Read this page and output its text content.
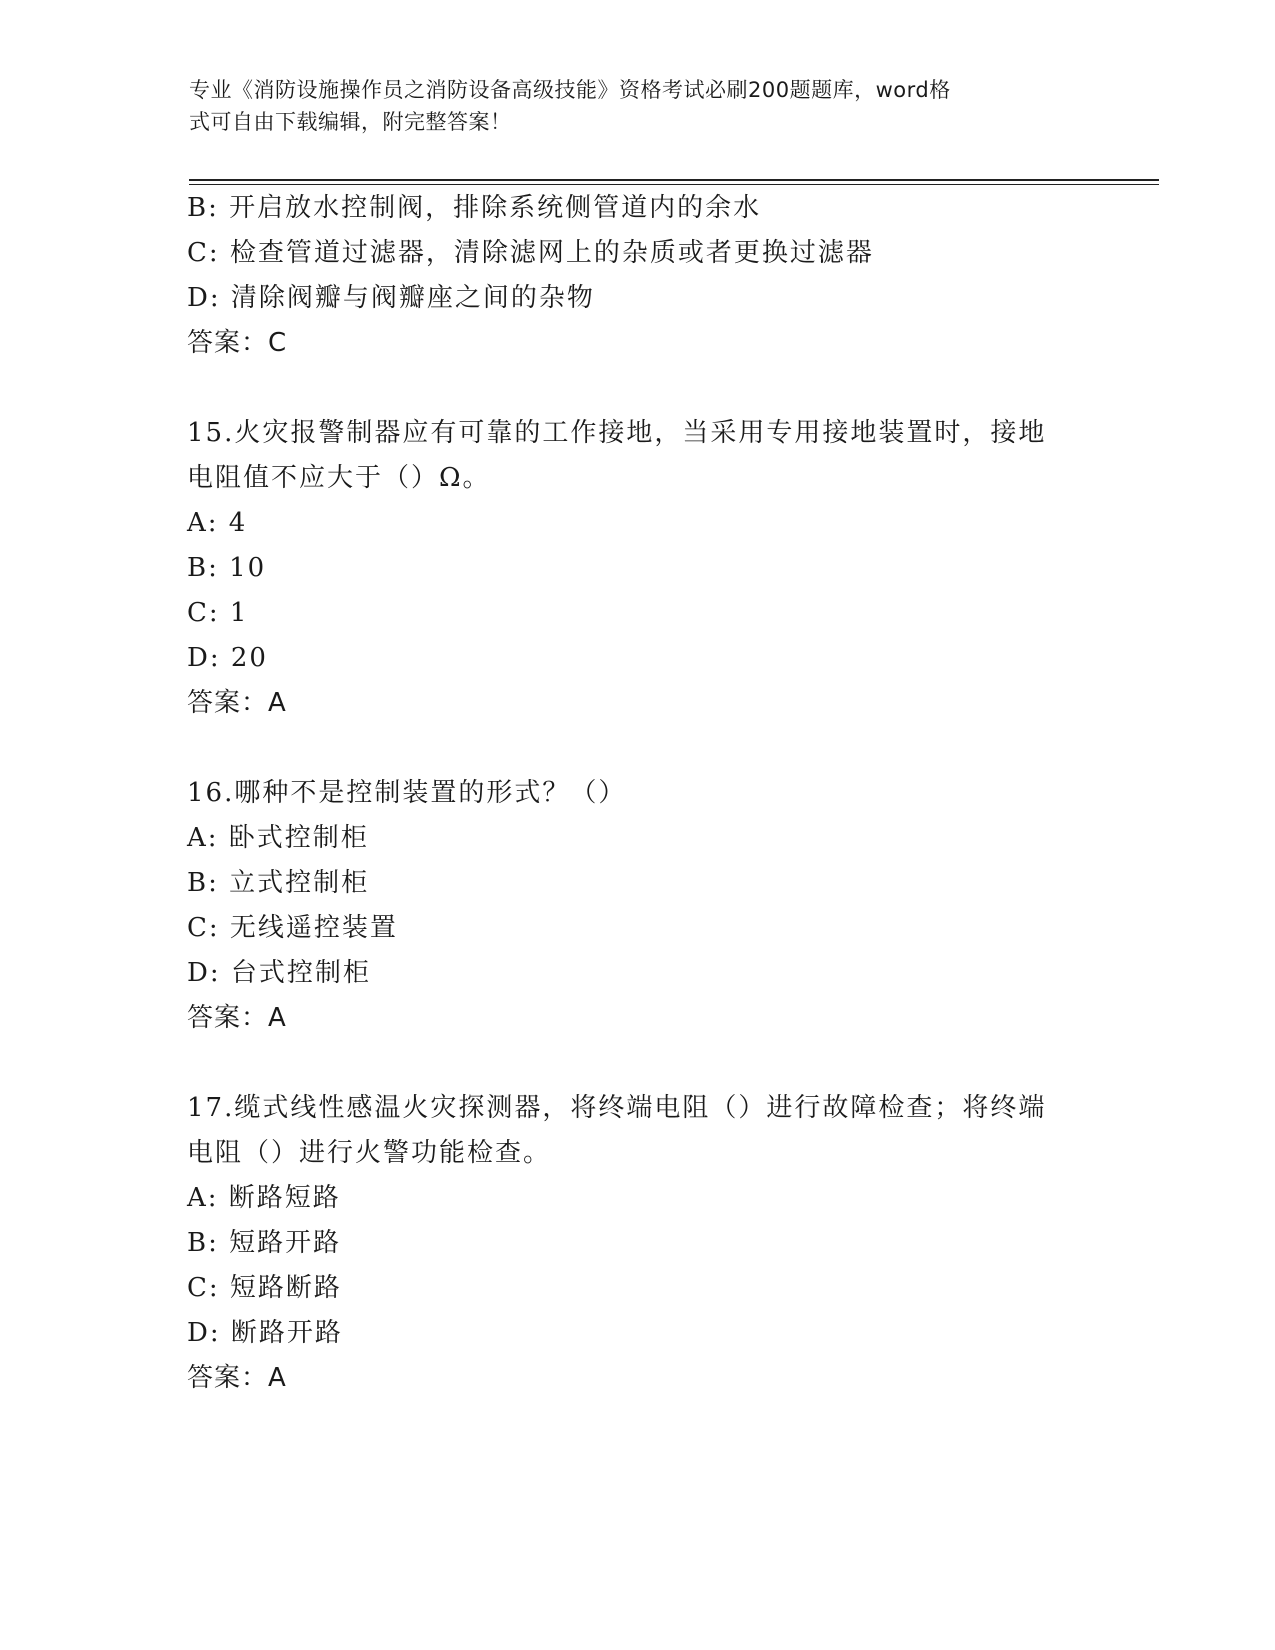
专业《消防设施操作员之消防设备高级技能》资格考试必刷200题题库，word格
式可自由下载编辑，附完整答案！
B: 开启放水控制阀，排除系统侧管道内的余水
C: 检查管道过滤器，清除滤网上的杂质或者更换过滤器
D: 清除阀瓣与阀瓣座之间的杂物
答案：C
15.火灾报警制器应有可靠的工作接地，当采用专用接地装置时，接地
电阻值不应大于（）Ω。
A: 4
B: 10
C: 1
D: 20
答案：A
16.哪种不是控制装置的形式？（）
A: 卧式控制柜
B: 立式控制柜
C: 无线遥控装置
D: 台式控制柜
答案：A
17.缆式线性感温火灾探测器，将终端电阻（）进行故障检查；将终端
电阻（）进行火警功能检查。
A: 断路短路
B: 短路开路
C: 短路断路
D: 断路开路
答案：A
